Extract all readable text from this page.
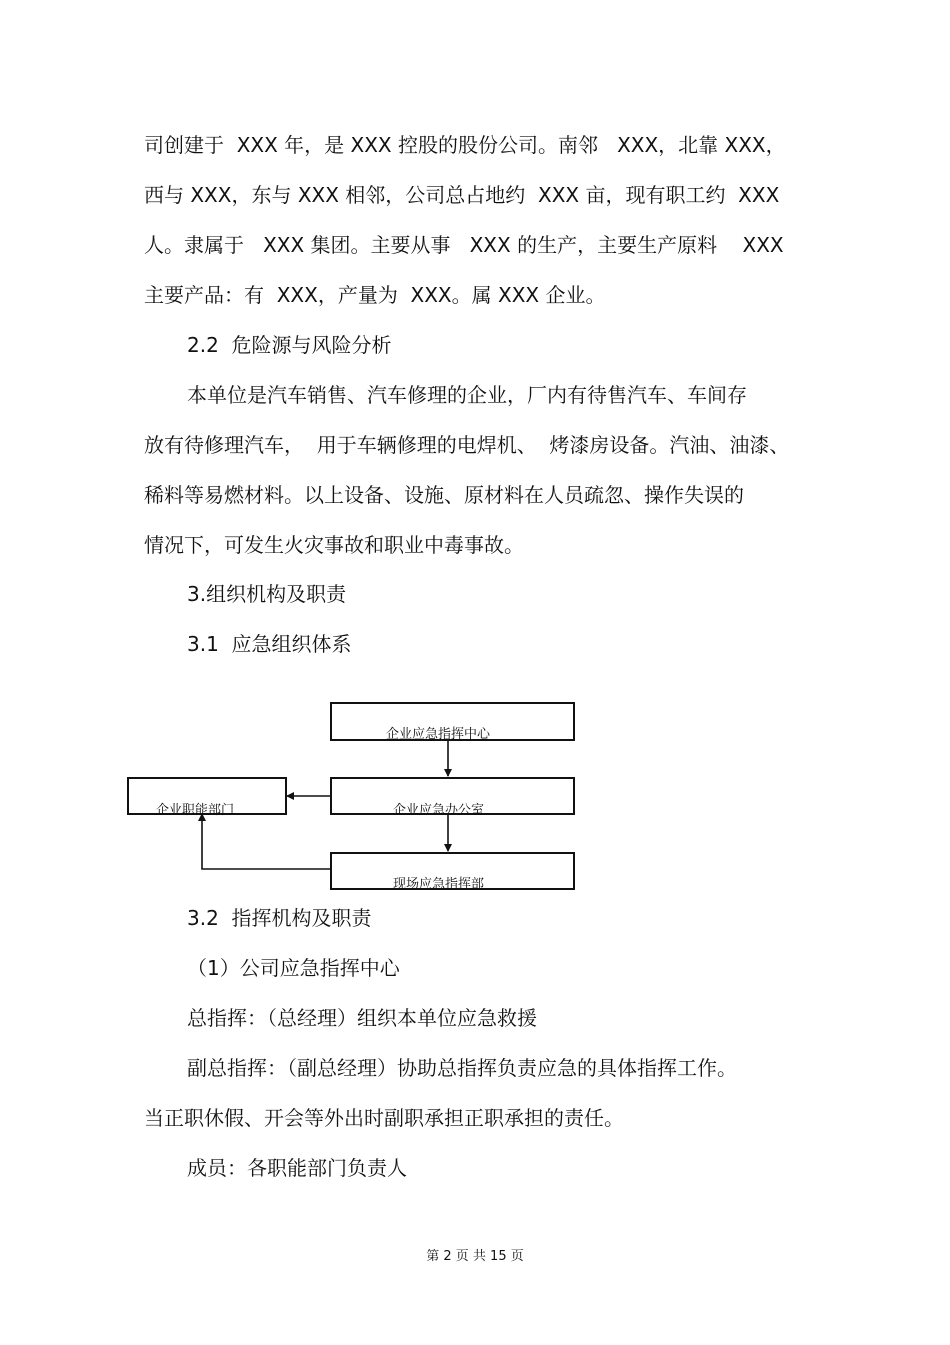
司创建于  XXX 年，是 XXX 控股的股份公司。南邻   XXX，北靠 XXX，
西与 XXX，东与 XXX 相邻，公司总占地约  XXX 亩，现有职工约  XXX
人。隶属于   XXX 集团。主要从事   XXX 的生产，主要生产原料    XXX
主要产品：有  XXX，产量为  XXX。属 XXX 企业。
2.2  危险源与风险分析
本单位是汽车销售、汽车修理的企业，厂内有待售汽车、车间存
放有待修理汽车，  用于车辆修理的电焊机、  烤漆房设备。汽油、油漆、
稀料等易燃材料。以上设备、设施、原材料在人员疏忽、操作失误的
情况下，可发生火灾事故和职业中毒事故。
3.组织机构及职责
3.1  应急组织体系
企业应急指挥中心
企业应急办公室
企业职能部门
现场应急指挥部
3.2  指挥机构及职责
（1）公司应急指挥中心
总指挥：（总经理）组织本单位应急救援
副总指挥：（副总经理）协助总指挥负责应急的具体指挥工作。
当正职休假、开会等外出时副职承担正职承担的责任。
成员：各职能部门负责人
第 2 页 共 15 页
